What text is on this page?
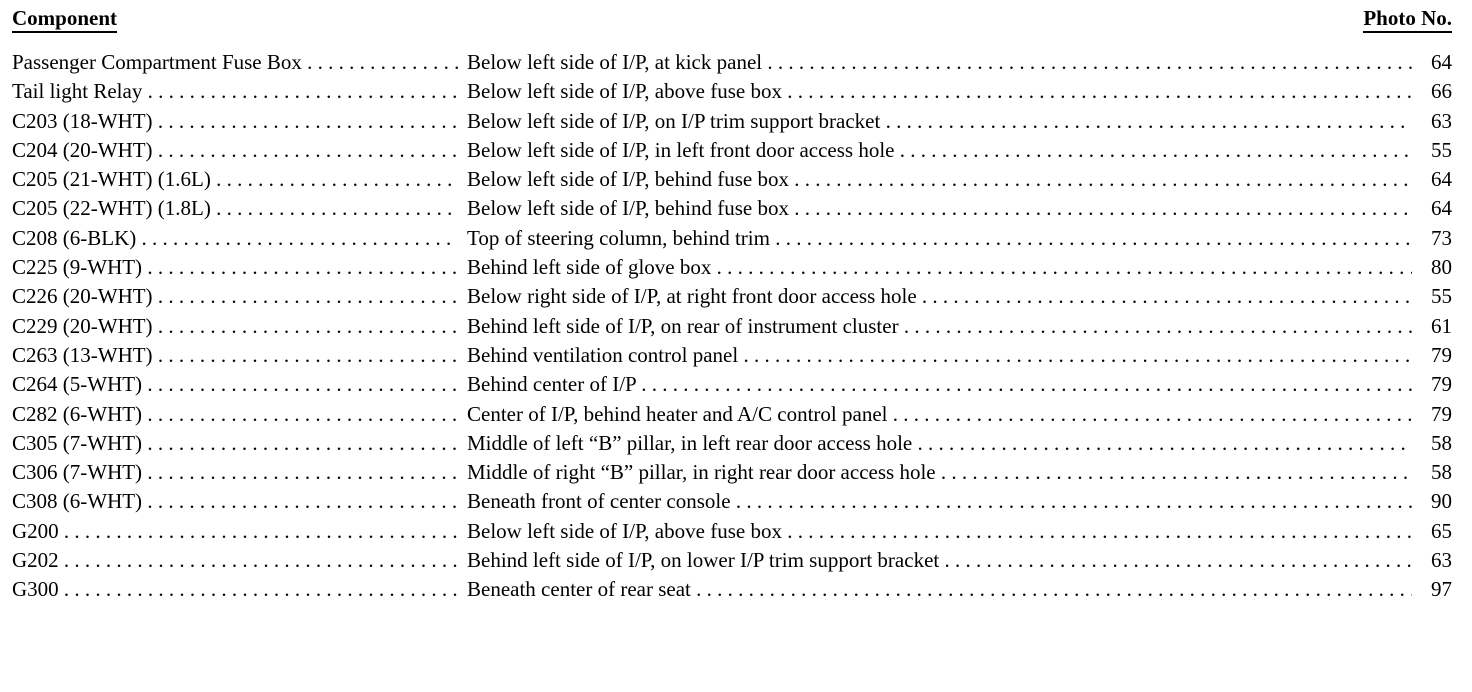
Component	Photo No.
Passenger Compartment Fuse Box . . .	Below left side of I/P, at kick panel . . .	64
Tail light Relay . . .	Below left side of I/P, above fuse box . . .	66
C203 (18-WHT) . . .	Below left side of I/P, on I/P trim support bracket . . .	63
C204 (20-WHT) . . .	Below left side of I/P, in left front door access hole . . .	55
C205 (21-WHT) (1.6L) . . .	Below left side of I/P, behind fuse box . . .	64
C205 (22-WHT) (1.8L) . . .	Below left side of I/P, behind fuse box . . .	64
C208 (6-BLK) . . .	Top of steering column, behind trim . . .	73
C225 (9-WHT) . . .	Behind left side of glove box . . .	80
C226 (20-WHT) . . .	Below right side of I/P, at right front door access hole . . .	55
C229 (20-WHT) . . .	Behind left side of I/P, on rear of instrument cluster . . .	61
C263 (13-WHT) . . .	Behind ventilation control panel . . .	79
C264 (5-WHT) . . .	Behind center of I/P . . .	79
C282 (6-WHT) . . .	Center of I/P, behind heater and A/C control panel . . .	79
C305 (7-WHT) . . .	Middle of left “B” pillar, in left rear door access hole . . .	58
C306 (7-WHT) . . .	Middle of right “B” pillar, in right rear door access hole . . .	58
C308 (6-WHT) . . .	Beneath front of center console . . .	90
G200 . . .	Below left side of I/P, above fuse box . . .	65
G202 . . .	Behind left side of I/P, on lower I/P trim support bracket . . .	63
G300 . . .	Beneath center of rear seat . . .	97
